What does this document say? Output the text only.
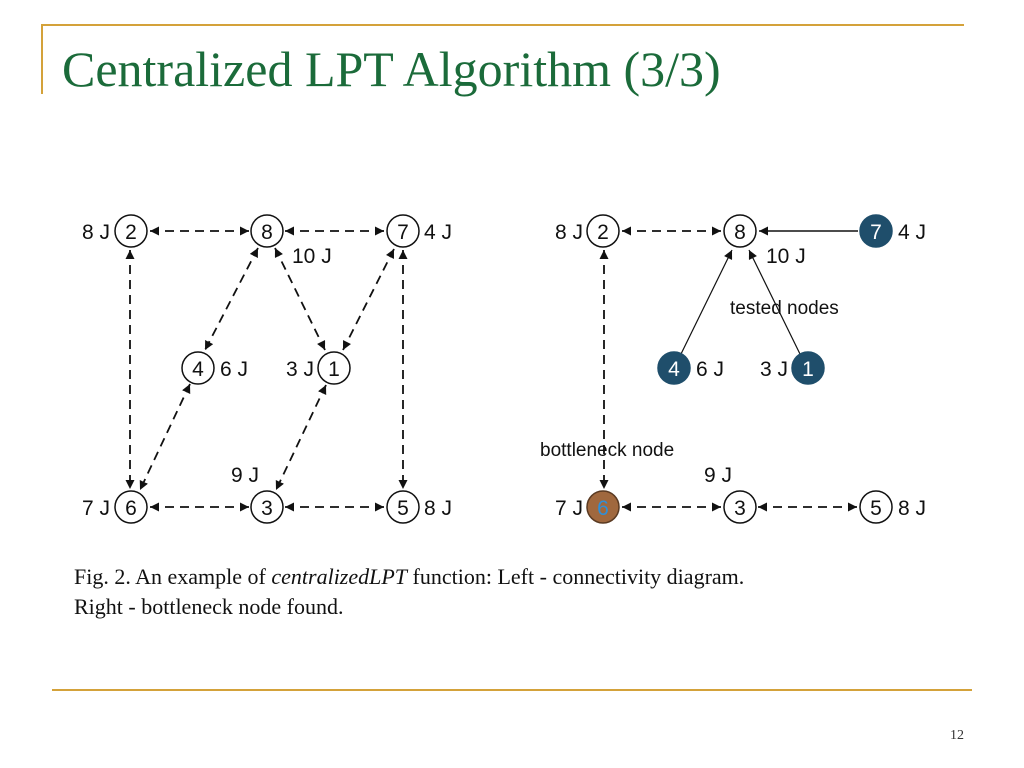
Centralized LPT Algorithm (3/3)
2
8 J	8
10 J
7 4 J
4 6 J	1
3 J
6
7 J	3
9 J
5 8 J
2
8 J	8
10 J
7 4 J
4 6 J	1
3 J
6
7 J	3
9 J
5 8 J
tested nodes
bottleneck node
Fig. 2. An example of centralizedLPT function: Left - connectivity diagram.
Right - bottleneck node found.
12
